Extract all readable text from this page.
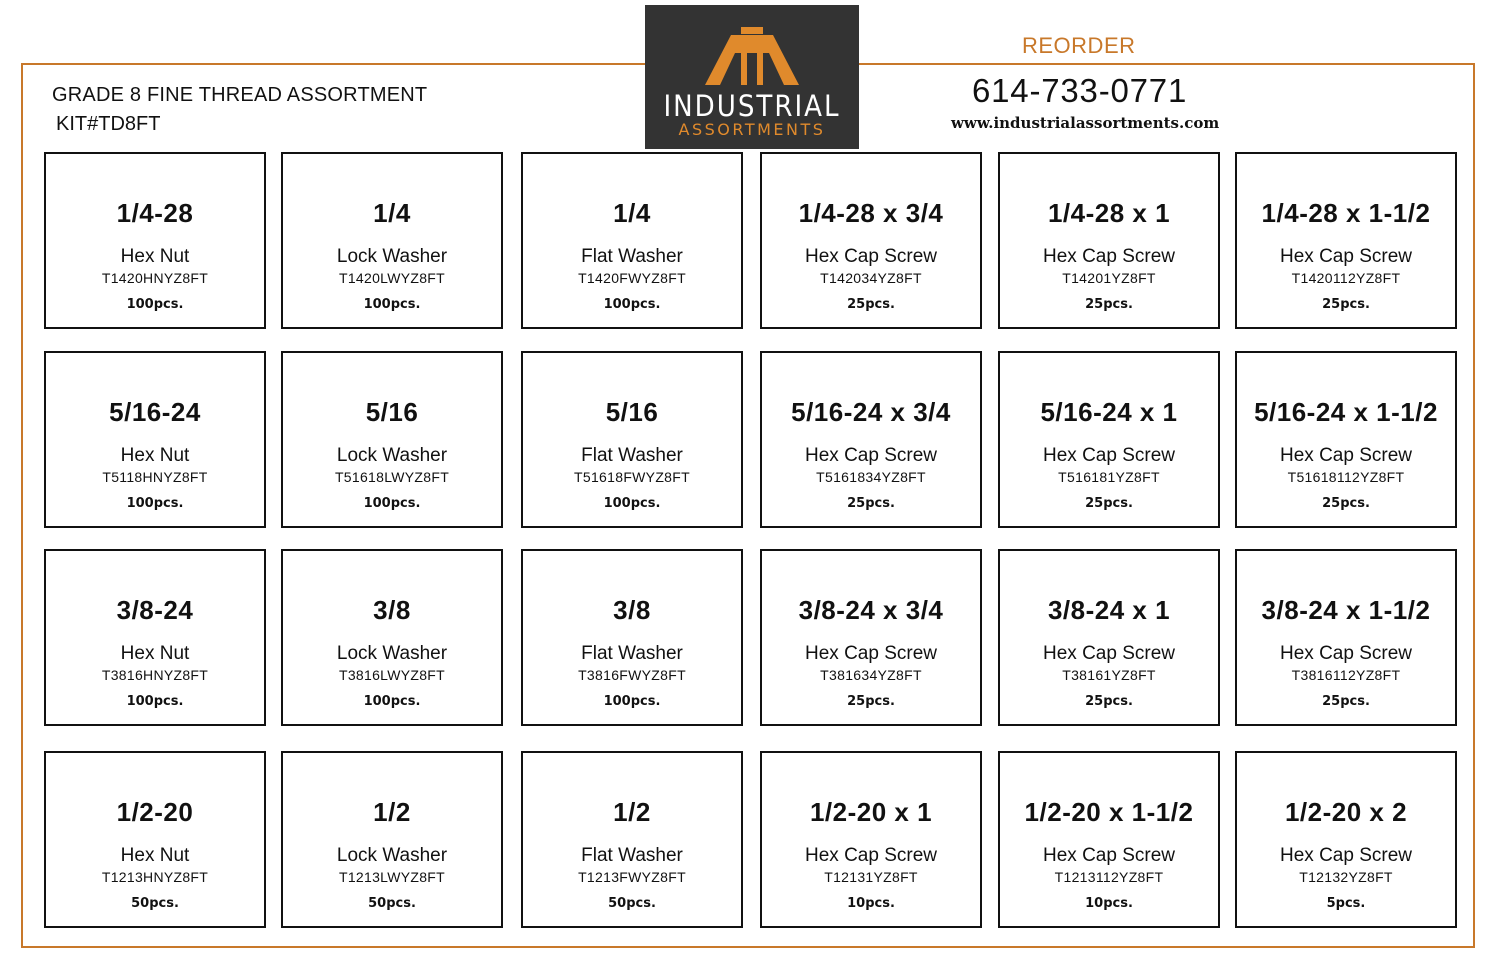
GRADE 8 FINE THREAD ASSORTMENT
KIT#TD8FT
INDUSTRIAL
ASSORTMENTS
REORDER
614-733-0771
www.industrialassortments.com
1/4-28
Hex Nut
T1420HNYZ8FT
100pcs.
1/4
Lock Washer
T1420LWYZ8FT
100pcs.
1/4
Flat Washer
T1420FWYZ8FT
100pcs.
1/4-28 x 3/4
Hex Cap Screw
T142034YZ8FT
25pcs.
1/4-28 x 1
Hex Cap Screw
T14201YZ8FT
25pcs.
1/4-28 x 1-1/2
Hex Cap Screw
T1420112YZ8FT
25pcs.
5/16-24
Hex Nut
T5118HNYZ8FT
100pcs.
5/16
Lock Washer
T51618LWYZ8FT
100pcs.
5/16
Flat Washer
T51618FWYZ8FT
100pcs.
5/16-24 x 3/4
Hex Cap Screw
T5161834YZ8FT
25pcs.
5/16-24 x 1
Hex Cap Screw
T516181YZ8FT
25pcs.
5/16-24 x 1-1/2
Hex Cap Screw
T51618112YZ8FT
25pcs.
3/8-24
Hex Nut
T3816HNYZ8FT
100pcs.
3/8
Lock Washer
T3816LWYZ8FT
100pcs.
3/8
Flat Washer
T3816FWYZ8FT
100pcs.
3/8-24 x 3/4
Hex Cap Screw
T381634YZ8FT
25pcs.
3/8-24 x 1
Hex Cap Screw
T38161YZ8FT
25pcs.
3/8-24 x 1-1/2
Hex Cap Screw
T3816112YZ8FT
25pcs.
1/2-20
Hex Nut
T1213HNYZ8FT
50pcs.
1/2
Lock Washer
T1213LWYZ8FT
50pcs.
1/2
Flat Washer
T1213FWYZ8FT
50pcs.
1/2-20 x 1
Hex Cap Screw
T12131YZ8FT
10pcs.
1/2-20 x 1-1/2
Hex Cap Screw
T1213112YZ8FT
10pcs.
1/2-20 x 2
Hex Cap Screw
T12132YZ8FT
5pcs.
